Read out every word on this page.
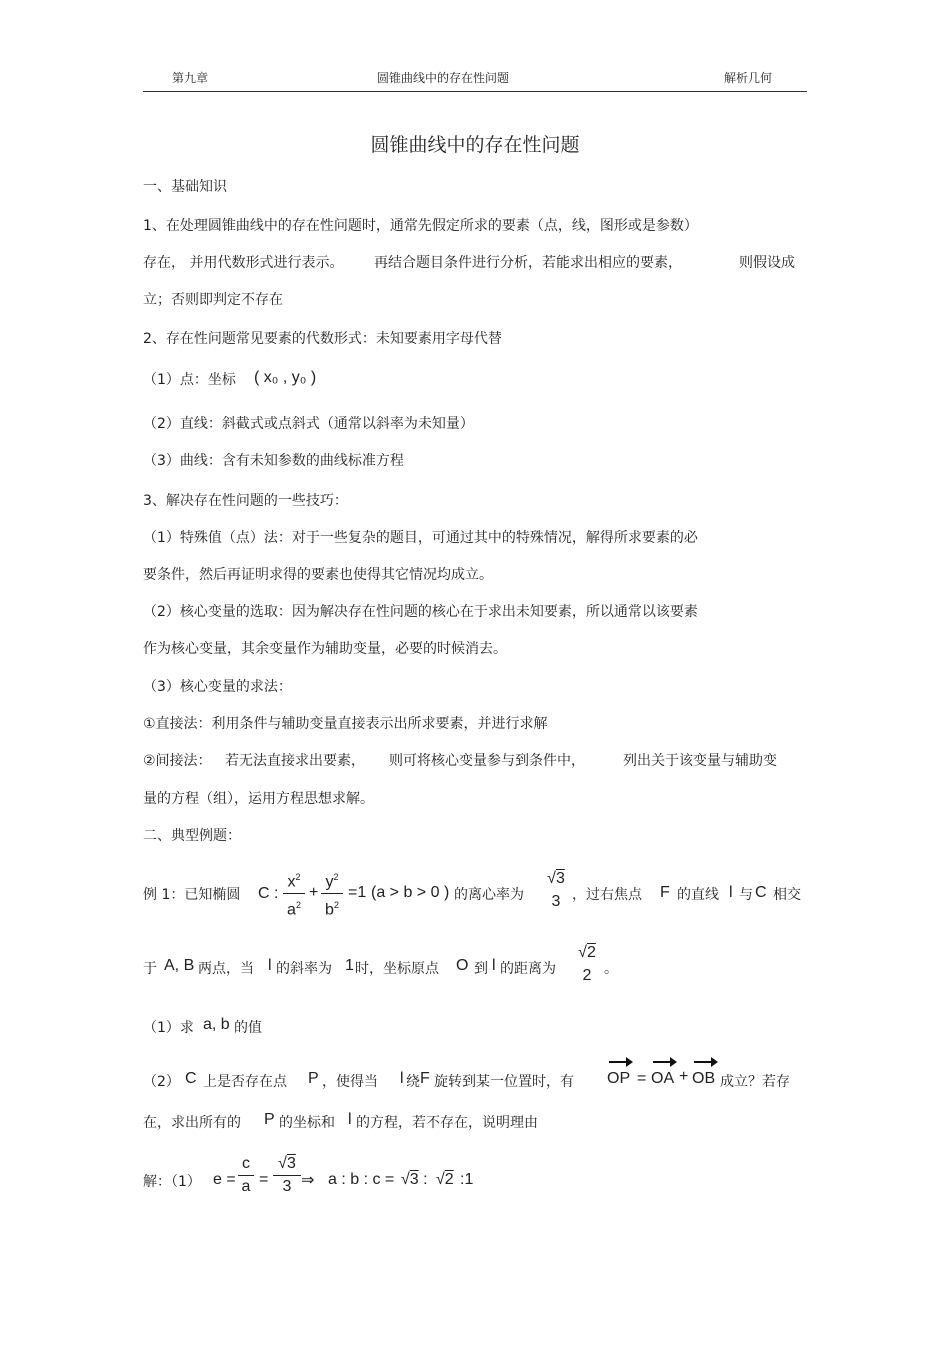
第九章	圆锥曲线中的存在性问题	解析几何
圆锥曲线中的存在性问题
一、基础知识
1、在处理圆锥曲线中的存在性问题时，通常先假定所求的要素（点，线，图形或是参数）
存在， 并用代数形式进行表示。 再结合题目条件进行分析，若能求出相应的要素，	则假设成
立；否则即判定不存在
2、存在性问题常见要素的代数形式：未知要素用字母代替
（1）点：坐标 ( x₀ , y₀ )
（2）直线：斜截式或点斜式（通常以斜率为未知量）
（3）曲线：含有未知参数的曲线标准方程
3、解决存在性问题的一些技巧：
（1）特殊值（点）法：对于一些复杂的题目，可通过其中的特殊情况，解得所求要素的必
要条件，然后再证明求得的要素也使得其它情况均成立。
（2）核心变量的选取：因为解决存在性问题的核心在于求出未知要素，所以通常以该要素
作为核心变量，其余变量作为辅助变量，必要的时候消去。
（3）核心变量的求法：
①直接法：利用条件与辅助变量直接表示出所求要素，并进行求解
②间接法： 若无法直接求出要素， 则可将核心变量参与到条件中，	列出关于该变量与辅助变
量的方程（组），运用方程思想求解。
二、典型例题：
例 1：已知椭圆 C :
$x^2$
$a^2$
+
$y^2$
$b^2$
=1 (a > b > 0 ) 的离心率为
√3
3 ，过右焦点 F 的直线 l 与 C 相交
于 A, B 两点，当 l 的斜率为 1 时，坐标原点 O 到 l 的距离为
√2
2 。
（1）求 a, b 的值
（2） C 上是否存在点 P ，使得当 l 绕 F 旋转到某一位置时，有 OP = OA + OB 成立？若存
在，求出所有的 P 的坐标和 l 的方程，若不存在，说明理由
解：（1） e =
c
a =
√3
3 ⇒ a : b : c = √3 : √2 :1
